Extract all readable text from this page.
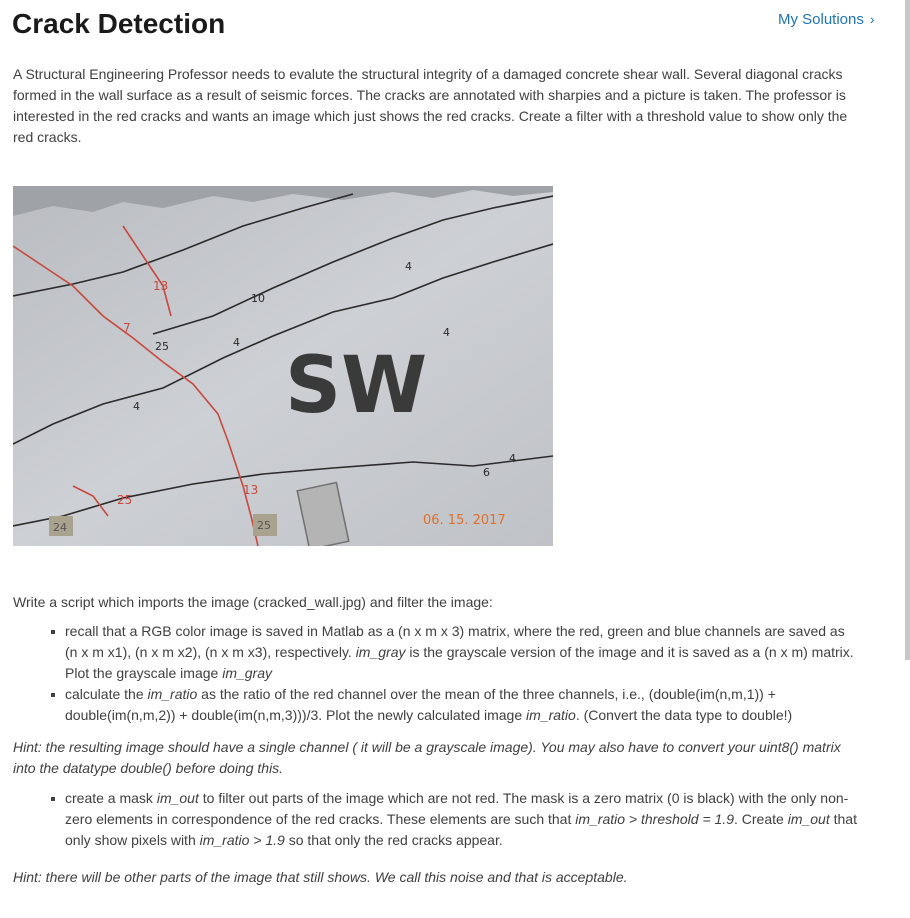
Crack Detection	My Solutions ›

A Structural Engineering Professor needs to evalute the structural integrity of a damaged concrete shear wall. Several diagonal cracks formed in the wall surface as a result of seismic forces. The cracks are annotated with sharpies and a picture is taken. The professor is interested in the red cracks and wants an image which just shows the red cracks. Create a filter with a threshold value to show only the red cracks.

25
4
4
10
4
4
6
4
13
7
25
13
SW
24	25	06. 15. 2017

Write a script which imports the image (cracked_wall.jpg) and filter the image:

recall that a RGB color image is saved in Matlab as a (n x m x 3) matrix, where the red, green and blue channels are saved as (n x m x1), (n x m x2), (n x m x3), respectively. im_gray is the grayscale version of the image and it is saved as a (n x m) matrix. Plot the grayscale image im_gray
calculate the im_ratio as the ratio of the red channel over the mean of the three channels, i.e., (double(im(n,m,1)) + double(im(n,m,2)) + double(im(n,m,3)))/3. Plot the newly calculated image im_ratio. (Convert the data type to double!)

Hint: the resulting image should have a single channel ( it will be a grayscale image). You may also have to convert your uint8() matrix into the datatype double() before doing this.

create a mask im_out to filter out parts of the image which are not red. The mask is a zero matrix (0 is black) with the only non-zero elements in correspondence of the red cracks. These elements are such that im_ratio > threshold = 1.9. Create im_out that only show pixels with im_ratio > 1.9 so that only the red cracks appear.

Hint: there will be other parts of the image that still shows. We call this noise and that is acceptable.
